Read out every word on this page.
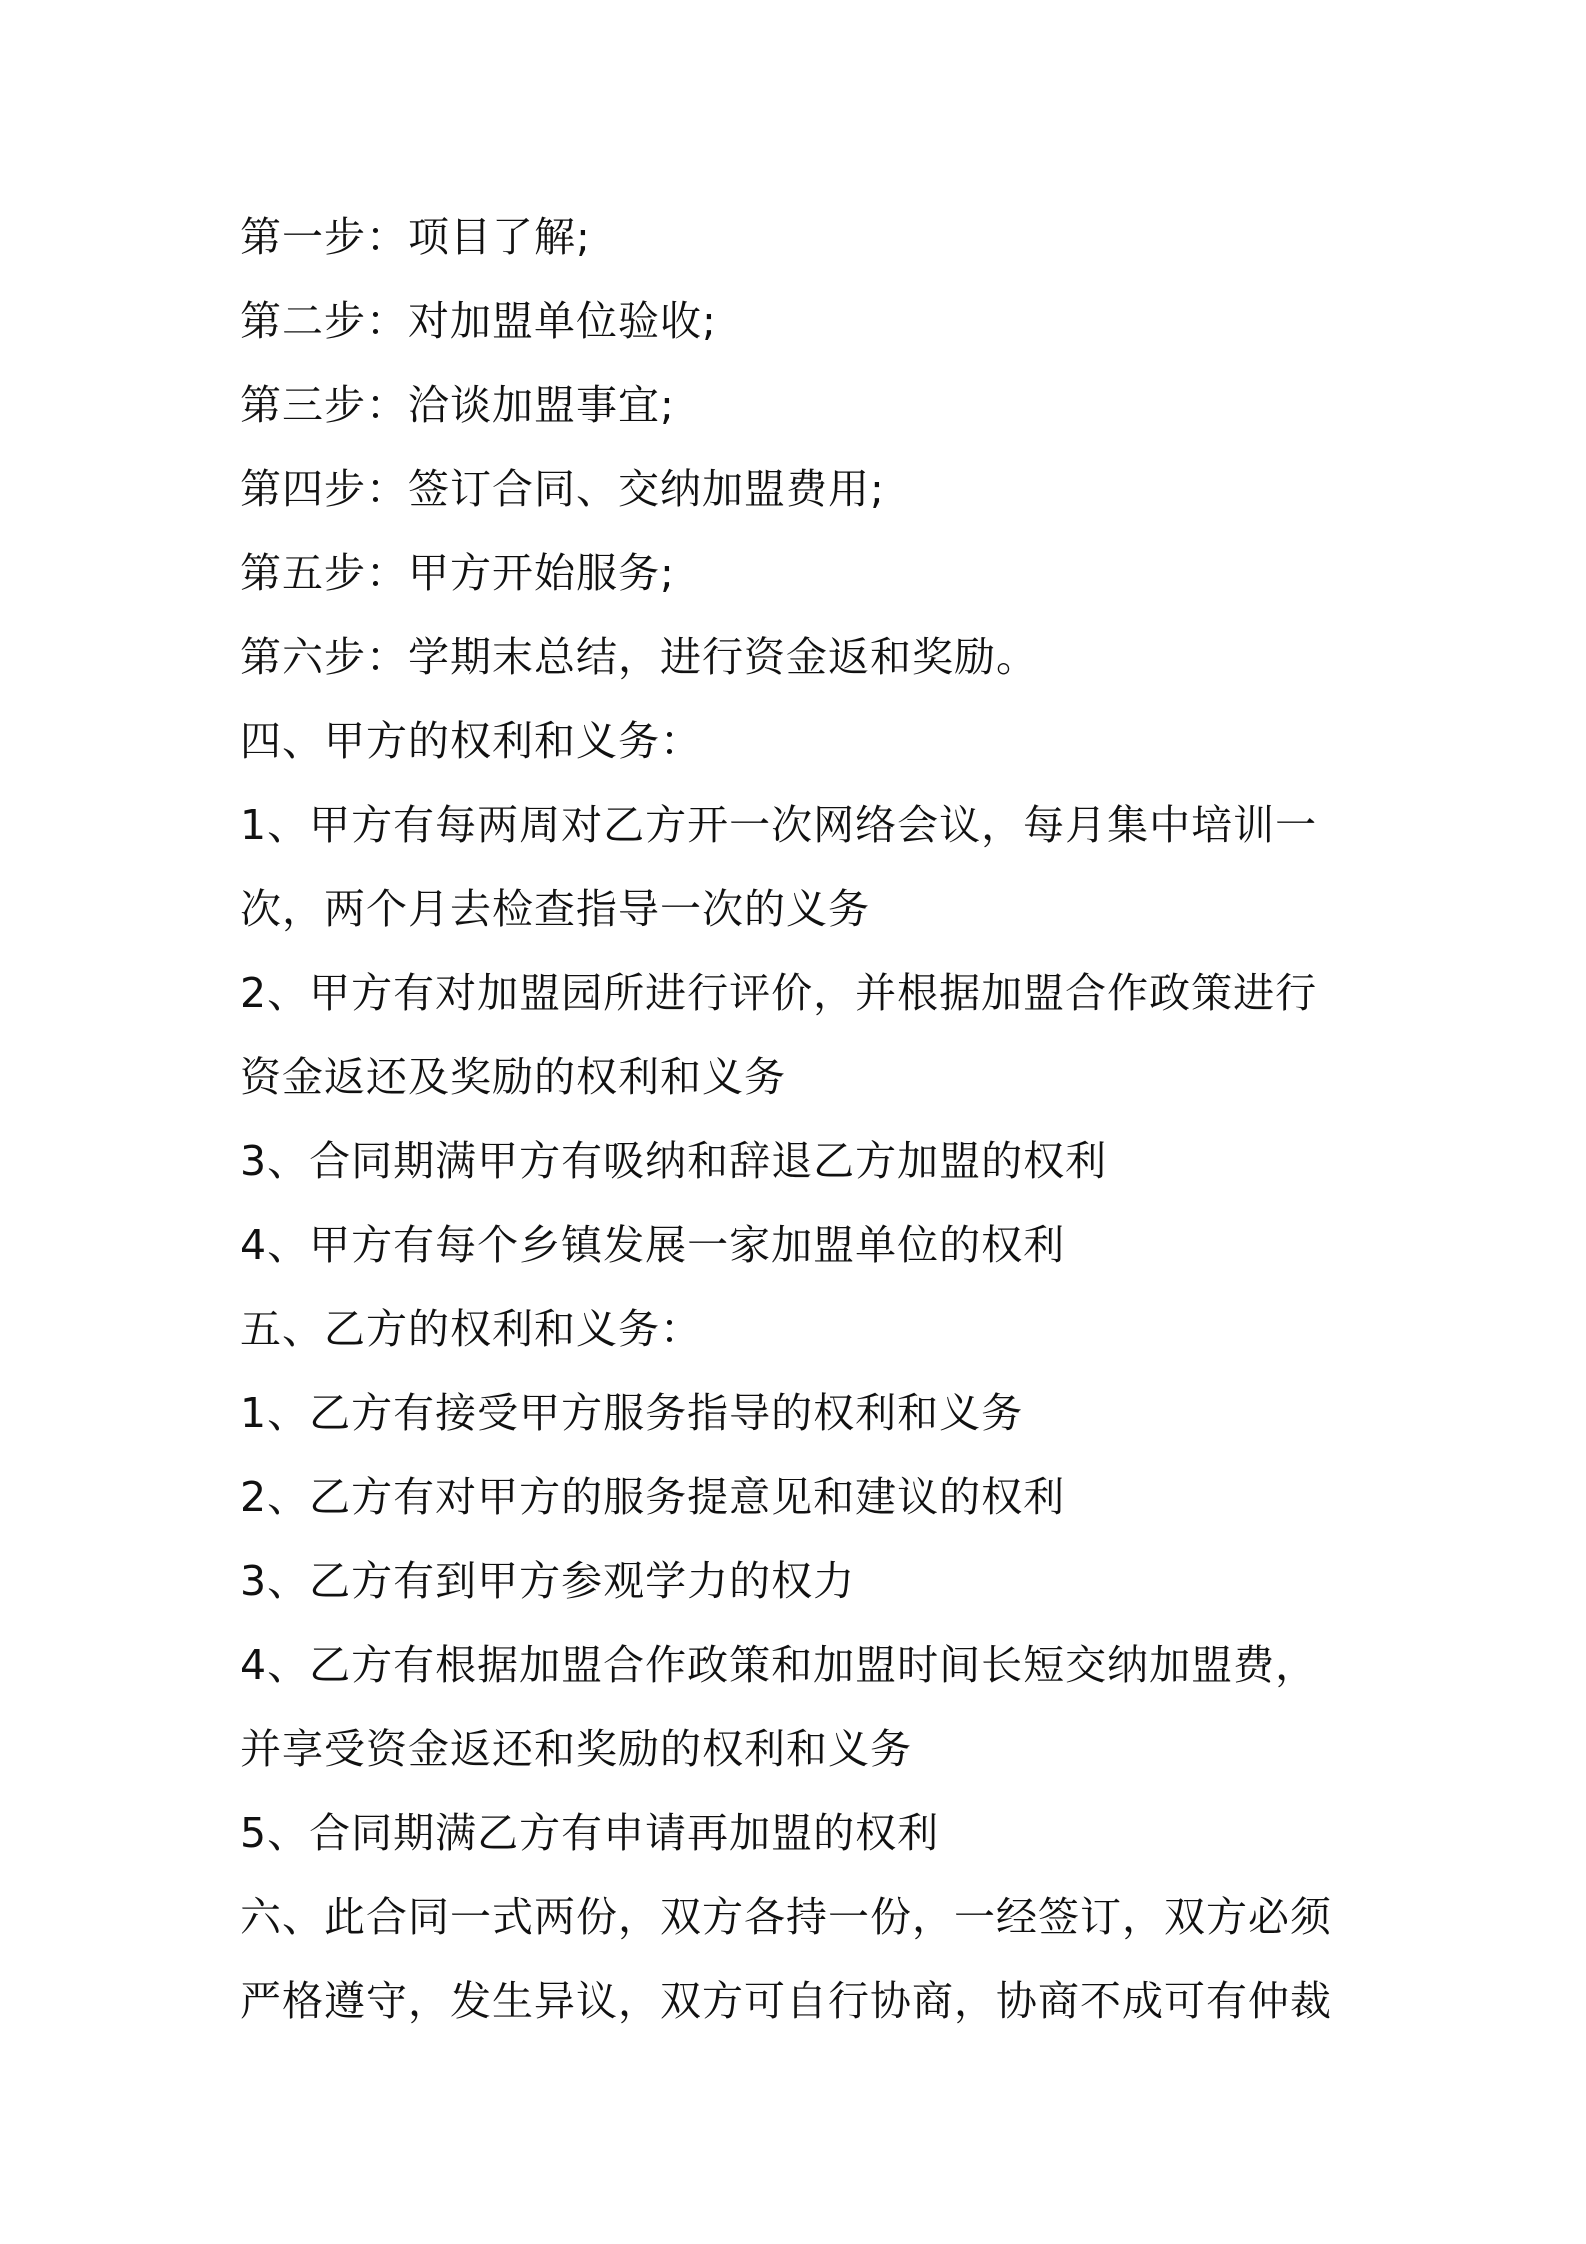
第一步：项目了解;
第二步：对加盟单位验收;
第三步：洽谈加盟事宜;
第四步：签订合同、交纳加盟费用;
第五步：甲方开始服务;
第六步：学期末总结，进行资金返和奖励。
四、甲方的权利和义务：
1、甲方有每两周对乙方开一次网络会议，每月集中培训一
次，两个月去检查指导一次的义务
2、甲方有对加盟园所进行评价，并根据加盟合作政策进行
资金返还及奖励的权利和义务
3、合同期满甲方有吸纳和辞退乙方加盟的权利
4、甲方有每个乡镇发展一家加盟单位的权利
五、乙方的权利和义务：
1、乙方有接受甲方服务指导的权利和义务
2、乙方有对甲方的服务提意见和建议的权利
3、乙方有到甲方参观学力的权力
4、乙方有根据加盟合作政策和加盟时间长短交纳加盟费，
并享受资金返还和奖励的权利和义务
5、合同期满乙方有申请再加盟的权利
六、此合同一式两份，双方各持一份，一经签订，双方必须
严格遵守，发生异议，双方可自行协商，协商不成可有仲裁
